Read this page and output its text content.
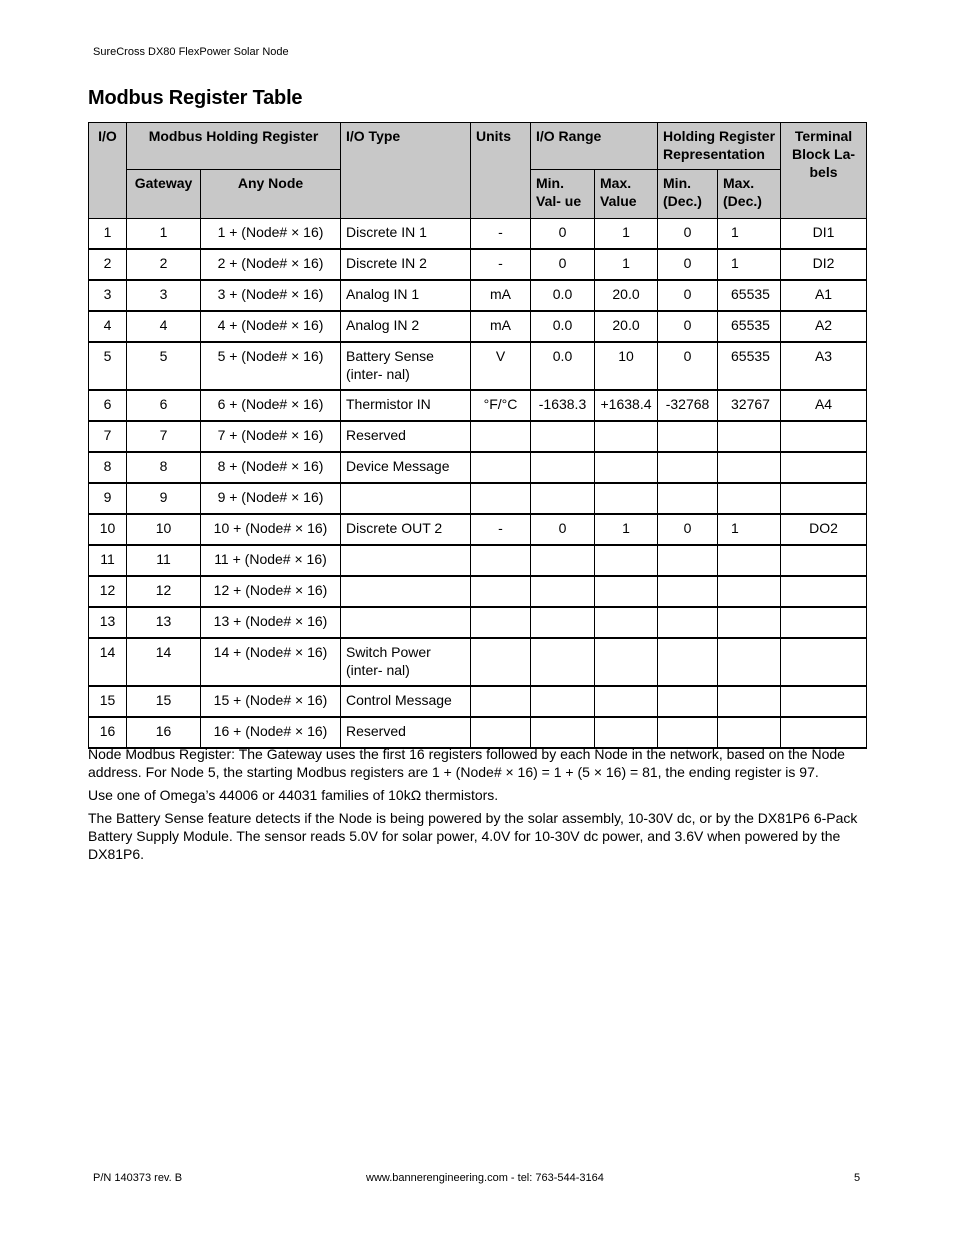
SureCross DX80 FlexPower Solar Node
Modbus Register Table
I/O	Modbus Holding Register		I/O Type	Units	I/O Range		Holding Register Representation		Terminal Block La- bels
	Gateway	Any Node			Min. Val- ue	Max. Value	Min. (Dec.)	Max. (Dec.)	
1	1	1 + (Node# × 16)	Discrete IN 1	-	0	1	0	1	DI1
2	2	2 + (Node# × 16)	Discrete IN 2	-	0	1	0	1	DI2
3	3	3 + (Node# × 16)	Analog IN 1	mA	0.0	20.0	0	65535	A1
4	4	4 + (Node# × 16)	Analog IN 2	mA	0.0	20.0	0	65535	A2
5	5	5 + (Node# × 16)	Battery Sense (inter- nal)	V	0.0	10	0	65535	A3
6	6	6 + (Node# × 16)	Thermistor IN	°F/°C	-1638.3	+1638.4	-32768	32767	A4
7	7	7 + (Node# × 16)	Reserved						
8	8	8 + (Node# × 16)	Device Message						
9	9	9 + (Node# × 16)							
10	10	10 + (Node# × 16)	Discrete OUT 2	-	0	1	0	1	DO2
11	11	11 + (Node# × 16)							
12	12	12 + (Node# × 16)							
13	13	13 + (Node# × 16)							
14	14	14 + (Node# × 16)	Switch Power (inter- nal)						
15	15	15 + (Node# × 16)	Control Message						
16	16	16 + (Node# × 16)	Reserved						

Node Modbus Register: The Gateway uses the first 16 registers followed by each Node in the network, based on the Node address. For Node 5, the starting Modbus registers are 1 + (Node# × 16) = 1 + (5 × 16) = 81, the ending register is 97.

Use one of Omega’s 44006 or 44031 families of 10kΩ thermistors.

The Battery Sense feature detects if the Node is being powered by the solar assembly, 10-30V dc, or by the DX81P6 6-Pack Battery Supply Module. The sensor reads 5.0V for solar power, 4.0V for 10-30V dc power, and 3.6V when powered by the DX81P6.

P/N 140373 rev. B	www.bannerengineering.com - tel: 763-544-3164	5
